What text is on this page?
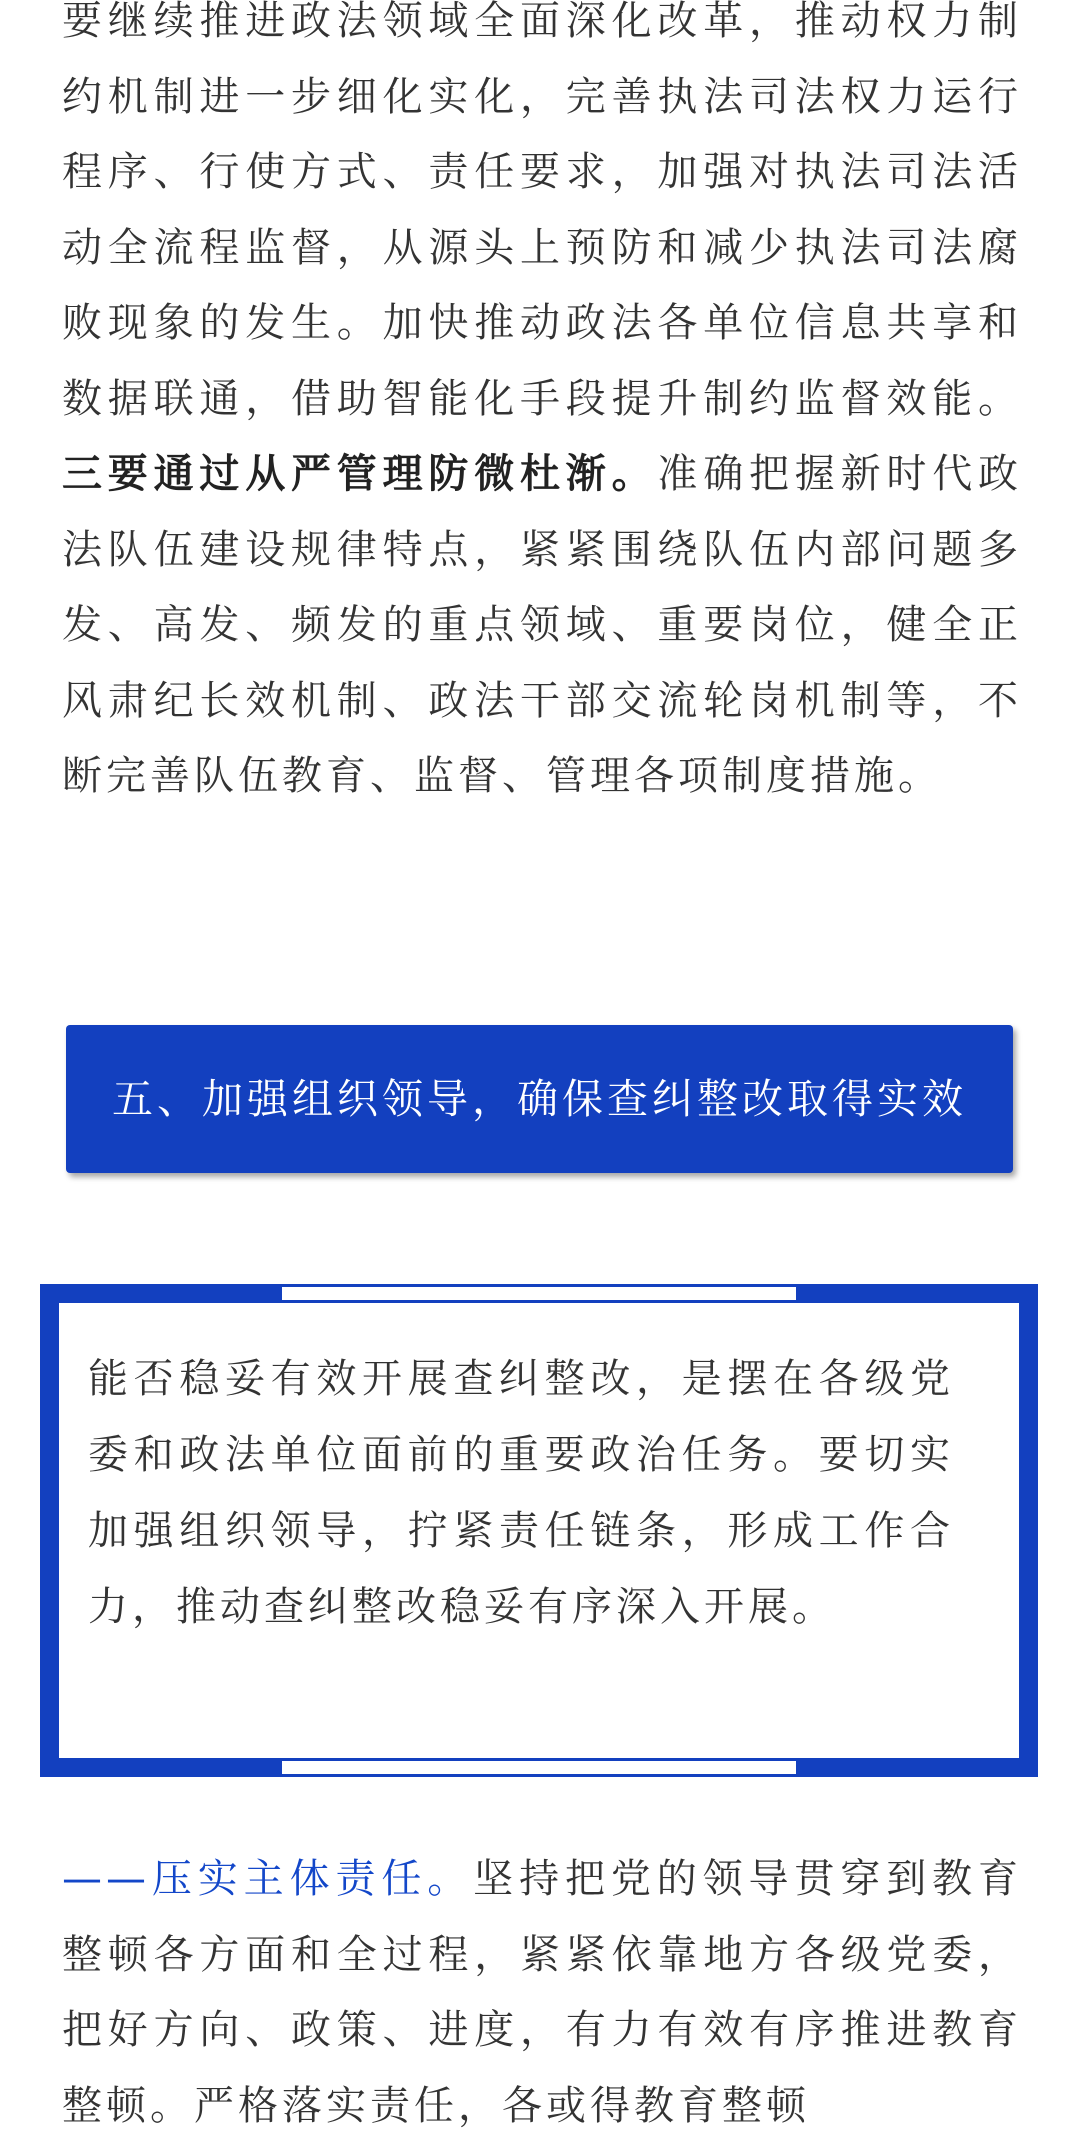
要继续推进政法领域全面深化改革，推动权力制约机制进一步细化实化，完善执法司法权力运行程序、行使方式、责任要求，加强对执法司法活动全流程监督，从源头上预防和减少执法司法腐败现象的发生。加快推动政法各单位信息共享和数据联通，借助智能化手段提升制约监督效能。三要通过从严管理防微杜渐。准确把握新时代政法队伍建设规律特点，紧紧围绕队伍内部问题多发、高发、频发的重点领域、重要岗位，健全正风肃纪长效机制、政法干部交流轮岗机制等，不断完善队伍教育、监督、管理各项制度措施。

五、加强组织领导，确保查纠整改取得实效

能否稳妥有效开展查纠整改，是摆在各级党委和政法单位面前的重要政治任务。要切实加强组织领导，拧紧责任链条，形成工作合力，推动查纠整改稳妥有序深入开展。

——压实主体责任。坚持把党的领导贯穿到教育整顿各方面和全过程，紧紧依靠地方各级党委，把好方向、政策、进度，有力有效有序推进教育整顿。严格落实责任，各或得教育整顿
